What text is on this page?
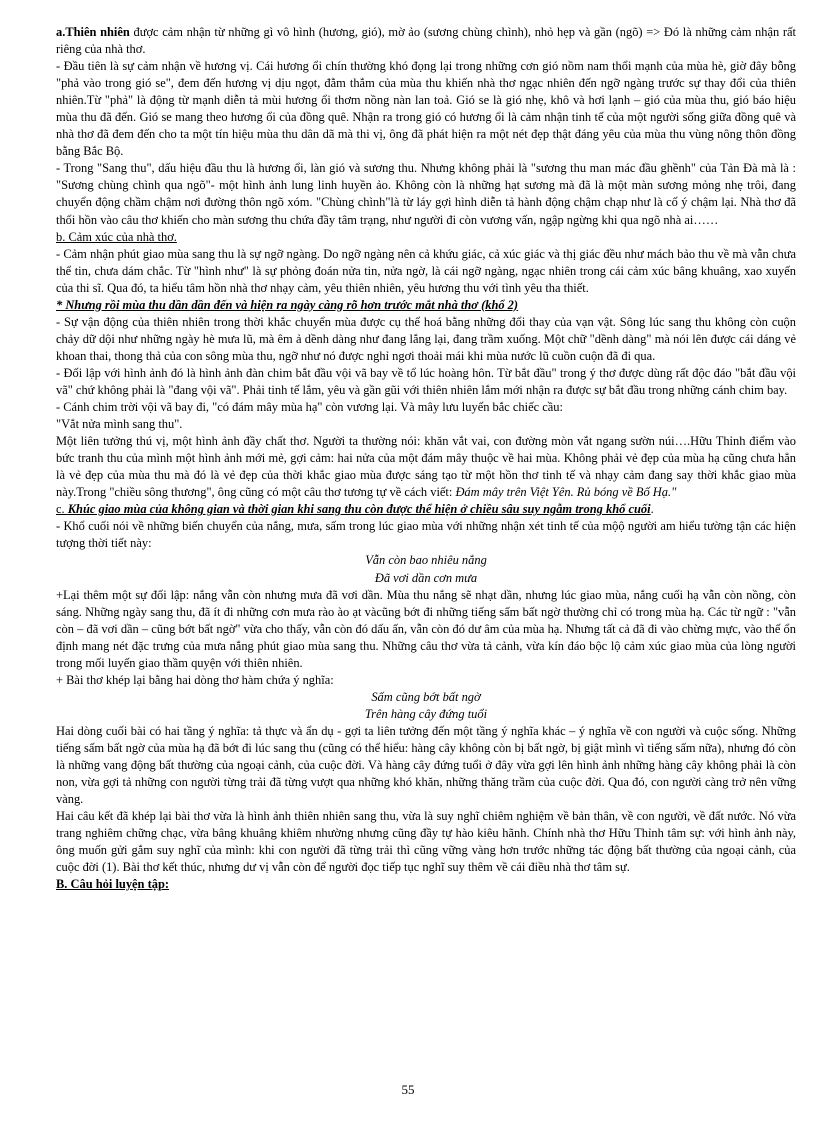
a.Thiên nhiên được cảm nhận từ những gì vô hình (hương, gió), mờ ảo (sương chùng chình), nhỏ hẹp và gần (ngõ) => Đó là những cảm nhận rất riêng của nhà thơ.

- Đầu tiên là sự cảm nhận về hương vị. Cái hương ổi chín thường khó đọng lại trong những cơn gió nồm nam thổi mạnh của mùa hè, giờ đây bỗng "phả vào trong gió se", đem đến hương vị dịu ngọt, đằm thắm của mùa thu khiến nhà thơ ngạc nhiên đến ngỡ ngàng trước sự thay đổi của thiên nhiên.Từ "phả" là động từ mạnh diễn tả mùi hương ổi thơm nồng nàn lan toả. Gió se là gió nhẹ, khô và hơi lạnh – gió của mùa thu, gió báo hiệu mùa thu đã đến. Gió se mang theo hương ổi của đồng quê. Nhận ra trong gió có hương ổi là cảm nhận tinh tế của một người sống giữa đồng quê và nhà thơ đã đem đến cho ta một tín hiệu mùa thu dân dã mà thi vị, ông đã phát hiện ra một nét đẹp thật đáng yêu của mùa thu vùng nông thôn đồng bằng Bắc Bộ.

- Trong "Sang thu", dấu hiệu đầu thu là hương ổi, làn gió và sương thu. Nhưng không phải là "sương thu man mác đầu ghềnh" của Tản Đà mà là : "Sương chùng chình qua ngõ"- một hình ảnh lung linh huyền ảo. Không còn là những hạt sương mà đã là một màn sương mỏng nhẹ trôi, đang chuyển động chầm chậm nơi đường thôn ngõ xóm. "Chùng chình"là từ láy gợi hình diễn tả hành động chậm chạp như là cố ý chậm lại. Nhà thơ đã thổi hồn vào câu thơ khiến cho màn sương thu chứa đầy tâm trạng, như người đi còn vương vấn, ngập ngừng khi qua ngõ nhà ai……

b. Cảm xúc của nhà thơ.

- Cảm nhận phút giao mùa sang thu là sự ngỡ ngàng. Do ngỡ ngàng nên cả khứu giác, cả xúc giác và thị giác đều như mách bảo thu về mà vẫn chưa thể tin, chưa dám chắc. Từ "hình như" là sự phỏng đoán nửa tin, nửa ngờ, là cái ngỡ ngàng, ngạc nhiên trong cái cảm xúc bâng khuâng, xao xuyến của thi sĩ. Qua đó, ta hiểu tâm hồn nhà thơ nhạy cảm, yêu thiên nhiên, yêu hương thu với tình yêu tha thiết.

* Nhưng rồi mùa thu dần dần đến và hiện ra ngày càng rõ hơn trước mắt nhà thơ (khổ 2)

- Sự vận động của thiên nhiên trong thời khắc chuyển mùa được cụ thể hoá bằng những đổi thay của vạn vật. Sông lúc sang thu không còn cuộn chảy dữ dội như những ngày hè mưa lũ, mà êm ả dềnh dàng như đang lắng lại, đang trầm xuống. Một chữ "dềnh dàng" mà nói lên được cái dáng vẻ khoan thai, thong thả của con sông mùa thu, ngỡ như nó được nghỉ ngơi thoải mái khi mùa nước lũ cuồn cuộn đã đi qua.

- Đối lập với hình ảnh đó là hình ảnh đàn chim bắt đầu vội vã bay về tổ lúc hoàng hôn. Từ bắt đầu" trong ý thơ được dùng rất độc đáo "bắt đầu vội vã" chứ không phải là "đang vội vã". Phải tinh tế lắm, yêu và gần gũi với thiên nhiên lắm mới nhận ra được sự bắt đầu trong những cánh chim bay.

- Cánh chim trời vội vã bay đi, "có đám mây mùa hạ" còn vương lại. Và mây lưu luyến bắc chiếc cầu:

"Vắt nửa mình sang thu".

Một liên tưởng thú vị, một hình ảnh đầy chất thơ. Người ta thường nói: khăn vắt vai, con đường mòn vắt ngang sườn núi….Hữu Thỉnh điểm vào bức tranh thu của mình một hình ảnh mới mẻ, gợi cảm: hai nửa của một đám mây thuộc về hai mùa. Không phải vẻ đẹp của mùa hạ cũng chưa hẳn là vẻ đẹp của mùa thu mà đó là vẻ đẹp của thời khắc giao mùa được sáng tạo từ một hồn thơ tinh tế và nhạy cảm đang say thời khắc giao mùa này.Trong "chiều sông thương", ông cũng có một câu thơ tương tự về cách viết: Đám mây trên Việt Yên. Rủ bóng về Bố Hạ."

c. Khúc giao mùa của không gian và thời gian khi sang thu còn được thể hiện ở chiều sâu suy ngẫm trong khổ cuối.

- Khổ cuối nói về những biến chuyển của nắng, mưa, sấm trong lúc giao mùa với những nhận xét tinh tế của mộộ người am hiểu tường tận các hiện tượng thời tiết này:

Vẫn còn bao nhiêu nắng

Đã vơi dần cơn mưa

+Lại thêm một sự đối lập: nắng vẫn còn nhưng mưa đã vơi dần. Mùa thu nắng sẽ nhạt dần, nhưng lúc giao mùa, nắng cuối hạ vẫn còn nồng, còn sáng. Những ngày sang thu, đã ít đi những cơn mưa rào ào ạt vàcũng bớt đi những tiếng sấm bất ngờ thường chỉ có trong mùa hạ. Các từ ngữ : "vẫn còn – đã vơi dần – cũng bớt bất ngờ" vừa cho thấy, vẫn còn đó dấu ấn, vẫn còn đó dư âm của mùa hạ. Nhưng tất cả đã đi vào chừng mực, vào thế ổn định mang nét đặc trưng của mưa nắng phút giao mùa sang thu. Những câu thơ vừa tả cảnh, vừa kín đáo bộc lộ cảm xúc giao mùa của lòng người trong mối luyến giao thầm quyện với thiên nhiên.

+ Bài thơ khép lại bằng hai dòng thơ hàm chứa ý nghĩa:

Sấm cũng bớt bất ngờ

Trên hàng cây đứng tuổi

Hai dòng cuối bài có hai tầng ý nghĩa: tả thực và ẩn dụ - gợi ta liên tưởng đến một tầng ý nghĩa khác – ý nghĩa về con người và cuộc sống. Những tiếng sấm bất ngờ của mùa hạ đã bớt đi lúc sang thu (cũng có thể hiểu: hàng cây không còn bị bất ngờ, bị giật mình vì tiếng sấm nữa), nhưng đó còn là những vang động bất thường của ngoại cảnh, của cuộc đời. Và hàng cây đứng tuổi ở đây vừa gợi lên hình ảnh những hàng cây không phải là còn non, vừa gợi tả những con người từng trải đã từng vượt qua những khó khăn, những thăng trầm của cuộc đời. Qua đó, con người càng trở nên vững vàng.

Hai câu kết đã khép lại bài thơ vừa là hình ảnh thiên nhiên sang thu, vừa là suy nghĩ chiêm nghiệm về bản thân, về con người, về đất nước. Nó vừa trang nghiêm chững chạc, vừa bâng khuâng khiêm nhường nhưng cũng đầy tự hào kiêu hãnh. Chính nhà thơ Hữu Thỉnh tâm sự: với hình ảnh này, ông muốn gửi gắm suy nghĩ của mình: khi con người đã từng trải thì cũng vững vàng hơn trước những tác động bất thường của ngoại cảnh, của cuộc đời (1). Bài thơ kết thúc, nhưng dư vị vẫn còn để người đọc tiếp tục nghĩ suy thêm về cái điều nhà thơ tâm sự.

B. Câu hỏi luyện tập:

55
